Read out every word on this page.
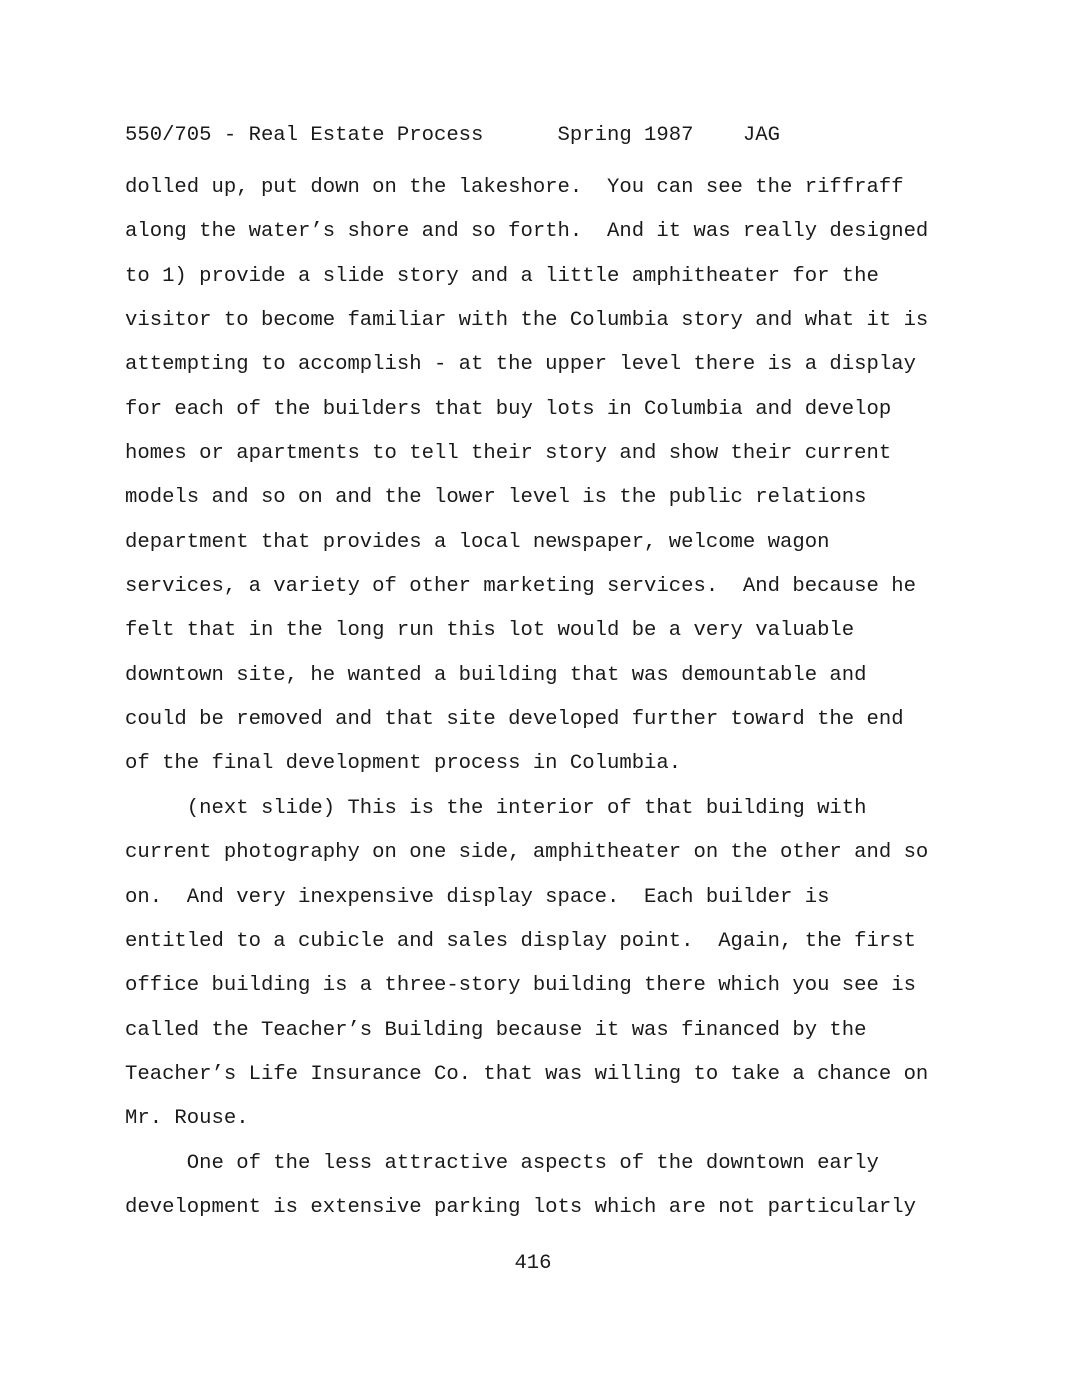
550/705 - Real Estate Process      Spring 1987    JAG
dolled up, put down on the lakeshore.  You can see the riffraff
along the water’s shore and so forth.  And it was really designed
to 1) provide a slide story and a little amphitheater for the
visitor to become familiar with the Columbia story and what it is
attempting to accomplish - at the upper level there is a display
for each of the builders that buy lots in Columbia and develop
homes or apartments to tell their story and show their current
models and so on and the lower level is the public relations
department that provides a local newspaper, welcome wagon
services, a variety of other marketing services.  And because he
felt that in the long run this lot would be a very valuable
downtown site, he wanted a building that was demountable and
could be removed and that site developed further toward the end
of the final development process in Columbia.
(next slide) This is the interior of that building with
current photography on one side, amphitheater on the other and so
on.  And very inexpensive display space.  Each builder is
entitled to a cubicle and sales display point.  Again, the first
office building is a three-story building there which you see is
called the Teacher’s Building because it was financed by the
Teacher’s Life Insurance Co. that was willing to take a chance on
Mr. Rouse.
One of the less attractive aspects of the downtown early
development is extensive parking lots which are not particularly
416
